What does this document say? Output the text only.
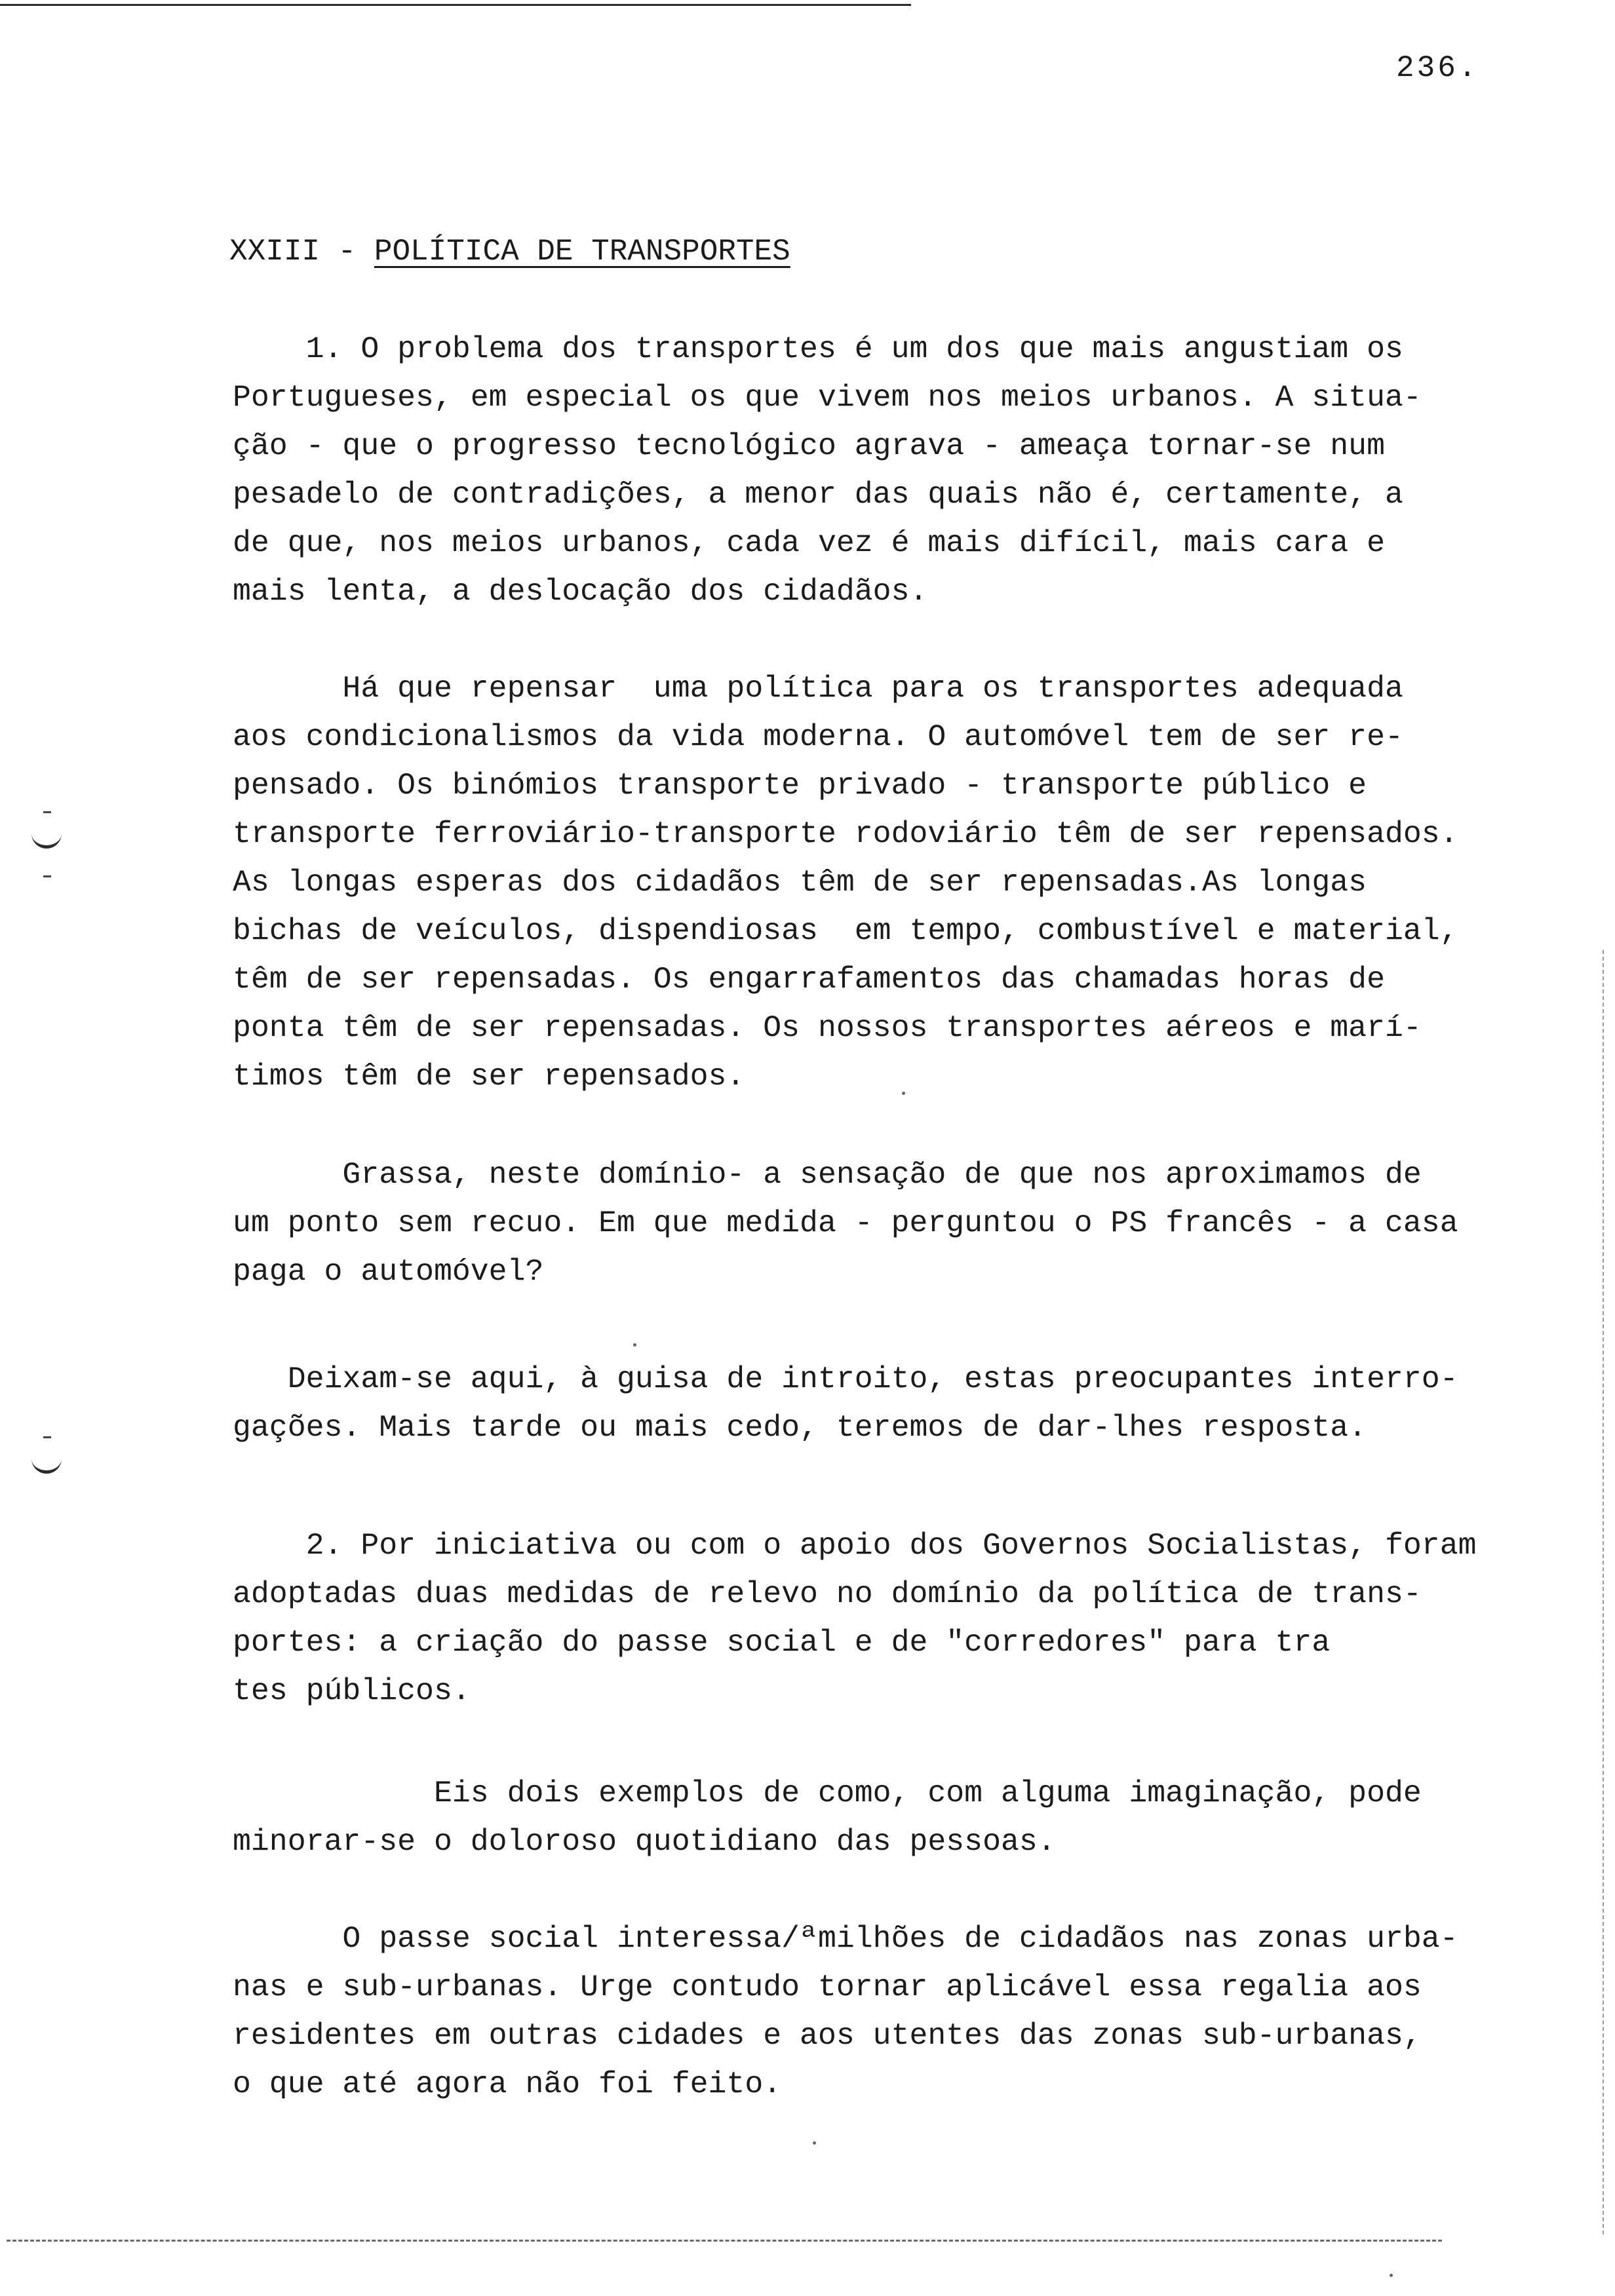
236.
XXIII - POLÍTICA DE TRANSPORTES

1. O problema dos transportes é um dos que mais angustiam os
Portugueses, em especial os que vivem nos meios urbanos. A situa-
ção - que o progresso tecnológico agrava - ameaça tornar-se num
pesadelo de contradições, a menor das quais não é, certamente, a
de que, nos meios urbanos, cada vez é mais difícil, mais cara e
mais lenta, a deslocação dos cidadãos.

Há que repensar  uma política para os transportes adequada
aos condicionalismos da vida moderna. O automóvel tem de ser re-
pensado. Os binómios transporte privado - transporte público e
transporte ferroviário-transporte rodoviário têm de ser repensados.
As longas esperas dos cidadãos têm de ser repensadas.As longas
bichas de veículos, dispendiosas  em tempo, combustível e material,
têm de ser repensadas. Os engarrafamentos das chamadas horas de
ponta têm de ser repensadas. Os nossos transportes aéreos e marí-
timos têm de ser repensados.

Grassa, neste domínio- a sensação de que nos aproximamos de
um ponto sem recuo. Em que medida - perguntou o PS francês - a casa
paga o automóvel?

Deixam-se aqui, à guisa de introito, estas preocupantes interro-
gações. Mais tarde ou mais cedo, teremos de dar-lhes resposta.

2. Por iniciativa ou com o apoio dos Governos Socialistas, foram
adoptadas duas medidas de relevo no domínio da política de trans-
portes: a criação do passe social e de "corredores" para tra
tes públicos.

Eis dois exemplos de como, com alguma imaginação, pode
minorar-se o doloroso quotidiano das pessoas.

O passe social interessa/ªmilhões de cidadãos nas zonas urba-
nas e sub-urbanas. Urge contudo tornar aplicável essa regalia aos
residentes em outras cidades e aos utentes das zonas sub-urbanas,
o que até agora não foi feito.
